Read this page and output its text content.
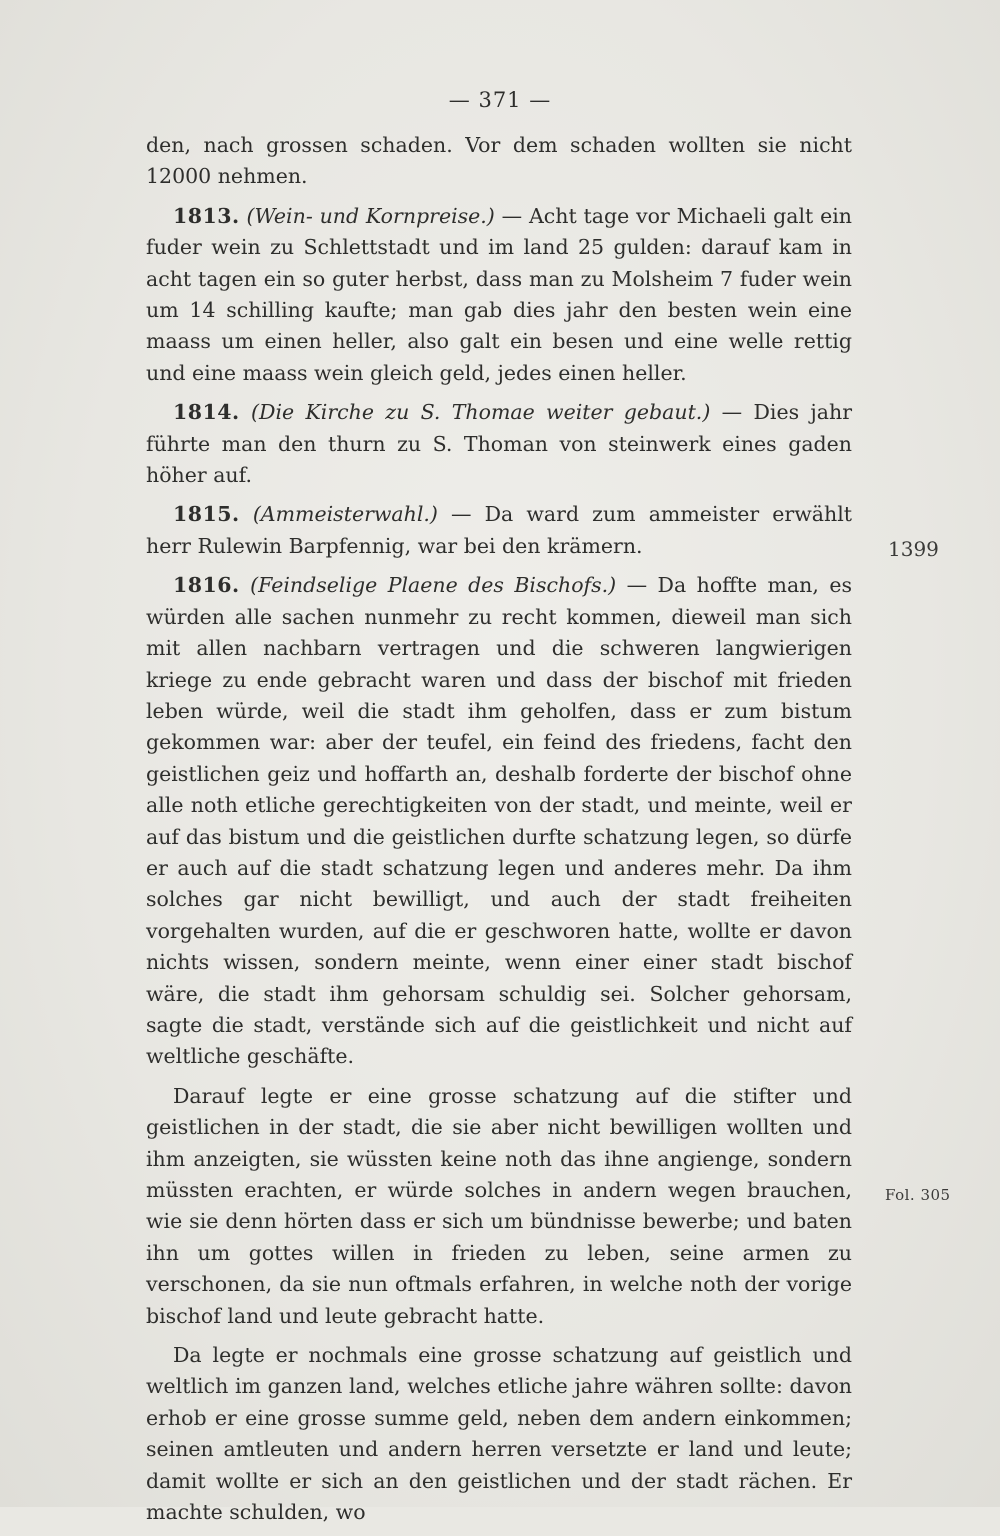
— 371 —
1399
Fol. 305

den, nach grossen schaden. Vor dem schaden wollten sie nicht 12000 nehmen.

1813. (Wein- und Kornpreise.) — Acht tage vor Michaeli galt ein fuder wein zu Schlettstadt und im land 25 gulden: darauf kam in acht tagen ein so guter herbst, dass man zu Molsheim 7 fuder wein um 14 schilling kaufte; man gab dies jahr den besten wein eine maass um einen heller, also galt ein besen und eine welle rettig und eine maass wein gleich geld, jedes einen heller.

1814. (Die Kirche zu S. Thomae weiter gebaut.) — Dies jahr führte man den thurn zu S. Thoman von steinwerk eines gaden höher auf.

1815. (Ammeisterwahl.) — Da ward zum ammeister erwählt herr Rulewin Barpfennig, war bei den krämern.

1816. (Feindselige Plaene des Bischofs.) — Da hoffte man, es würden alle sachen nunmehr zu recht kommen, dieweil man sich mit allen nachbarn vertragen und die schweren langwierigen kriege zu ende gebracht waren und dass der bischof mit frieden leben würde, weil die stadt ihm geholfen, dass er zum bistum gekommen war: aber der teufel, ein feind des friedens, facht den geistlichen geiz und hoffarth an, deshalb forderte der bischof ohne alle noth etliche gerechtigkeiten von der stadt, und meinte, weil er auf das bistum und die geistlichen durfte schatzung legen, so dürfe er auch auf die stadt schatzung legen und anderes mehr. Da ihm solches gar nicht bewilligt, und auch der stadt freiheiten vorgehalten wurden, auf die er geschworen hatte, wollte er davon nichts wissen, sondern meinte, wenn einer einer stadt bischof wäre, die stadt ihm gehorsam schuldig sei. Solcher gehorsam, sagte die stadt, verstände sich auf die geistlichkeit und nicht auf weltliche geschäfte.

Darauf legte er eine grosse schatzung auf die stifter und geistlichen in der stadt, die sie aber nicht bewilligen wollten und ihm anzeigten, sie wüssten keine noth das ihne angienge, sondern müssten erachten, er würde solches in andern wegen brauchen, wie sie denn hörten dass er sich um bündnisse bewerbe; und baten ihn um gottes willen in frieden zu leben, seine armen zu verschonen, da sie nun oftmals erfahren, in welche noth der vorige bischof land und leute gebracht hatte.

Da legte er nochmals eine grosse schatzung auf geistlich und weltlich im ganzen land, welches etliche jahre währen sollte: davon erhob er eine grosse summe geld, neben dem andern einkommen; seinen amtleuten und andern herren versetzte er land und leute; damit wollte er sich an den geistlichen und der stadt rächen. Er machte schulden, wo
